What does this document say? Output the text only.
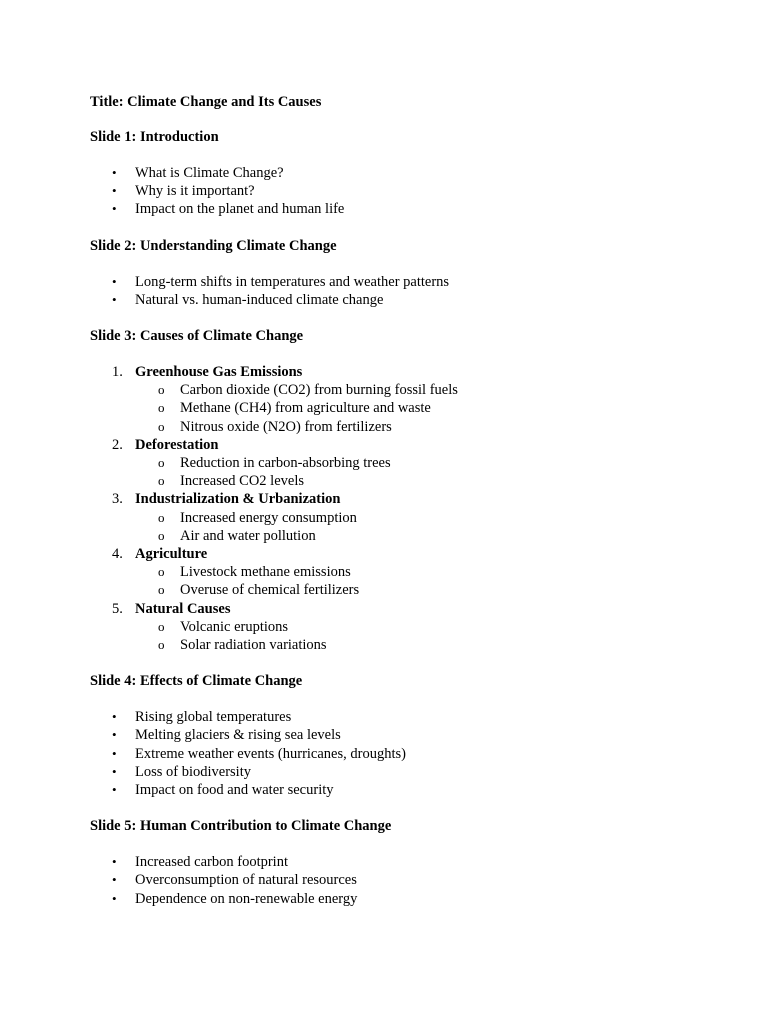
Title: Climate Change and Its Causes
Slide 1: Introduction
• What is Climate Change?
• Why is it important?
• Impact on the planet and human life
Slide 2: Understanding Climate Change
• Long-term shifts in temperatures and weather patterns
• Natural vs. human-induced climate change
Slide 3: Causes of Climate Change
1. Greenhouse Gas Emissions
o Carbon dioxide (CO2) from burning fossil fuels
o Methane (CH4) from agriculture and waste
o Nitrous oxide (N2O) from fertilizers
2. Deforestation
o Reduction in carbon-absorbing trees
o Increased CO2 levels
3. Industrialization & Urbanization
o Increased energy consumption
o Air and water pollution
4. Agriculture
o Livestock methane emissions
o Overuse of chemical fertilizers
5. Natural Causes
o Volcanic eruptions
o Solar radiation variations
Slide 4: Effects of Climate Change
• Rising global temperatures
• Melting glaciers & rising sea levels
• Extreme weather events (hurricanes, droughts)
• Loss of biodiversity
• Impact on food and water security
Slide 5: Human Contribution to Climate Change
• Increased carbon footprint
• Overconsumption of natural resources
• Dependence on non-renewable energy
